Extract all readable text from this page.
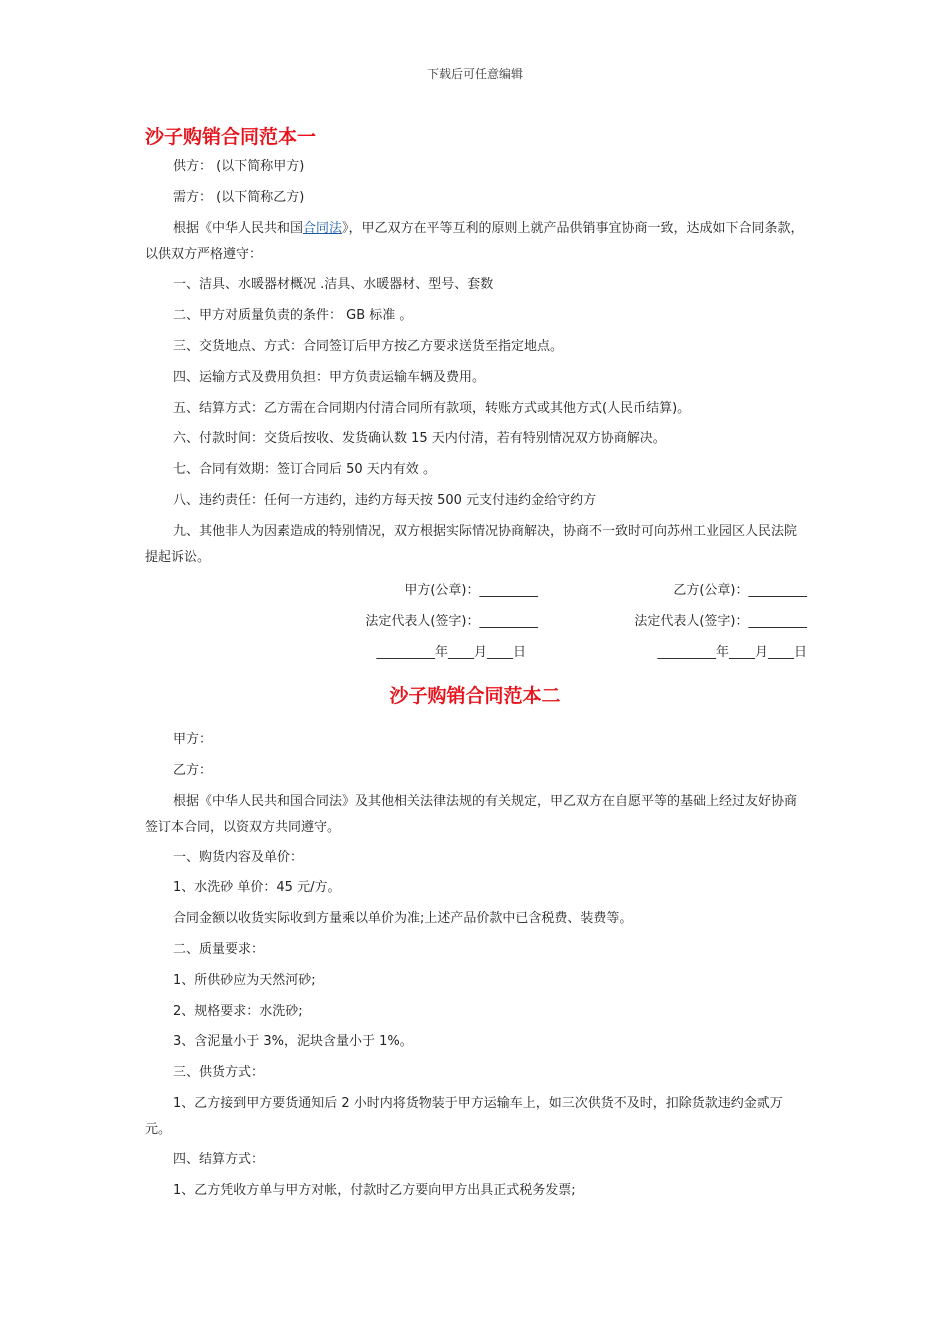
下载后可任意编辑
沙子购销合同范本一

供方： (以下简称甲方)

需方： (以下简称乙方)

根据《中华人民共和国合同法》，甲乙双方在平等互利的原则上就产品供销事宜协商一致，达成如下合同条款，以供双方严格遵守：

一、洁具、水暖器材概况 .洁具、水暖器材、型号、套数

二、甲方对质量负责的条件： GB 标准 。

三、交货地点、方式：合同签订后甲方按乙方要求送货至指定地点。

四、运输方式及费用负担：甲方负责运输车辆及费用。

五、结算方式：乙方需在合同期内付清合同所有款项，转账方式或其他方式(人民币结算)。

六、付款时间：交货后按收、发货确认数 15 天内付清，若有特别情况双方协商解决。

七、合同有效期：签订合同后 50 天内有效 。

八、违约责任：任何一方违约，违约方每天按 500 元支付违约金给守约方

九、其他非人为因素造成的特别情况，双方根据实际情况协商解决，协商不一致时可向苏州工业园区人民法院提起诉讼。

甲方(公章)：_________	乙方(公章)：_________
法定代表人(签字)：_________	法定代表人(签字)：_________
_________年____月____日	_________年____月____日
沙子购销合同范本二

甲方：

乙方：

根据《中华人民共和国合同法》及其他相关法律法规的有关规定，甲乙双方在自愿平等的基础上经过友好协商签订本合同，以资双方共同遵守。

一、购货内容及单价：

1、水洗砂 单价：45 元/方。

合同金额以收货实际收到方量乘以单价为准;上述产品价款中已含税费、装费等。

二、质量要求：

1、所供砂应为天然河砂;

2、规格要求：水洗砂;

3、含泥量小于 3%，泥块含量小于 1%。

三、供货方式：

1、乙方接到甲方要货通知后 2 小时内将货物装于甲方运输车上，如三次供货不及时，扣除货款违约金贰万元。

四、结算方式：

1、乙方凭收方单与甲方对帐，付款时乙方要向甲方出具正式税务发票;
